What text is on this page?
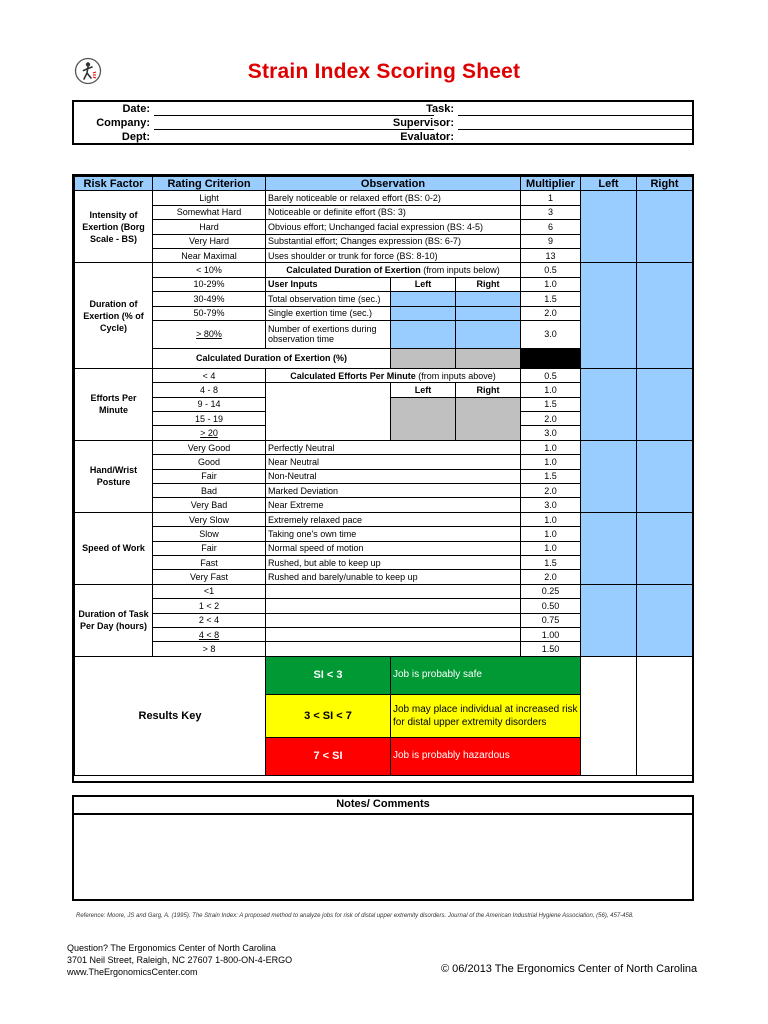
Strain Index Scoring Sheet
Date:
Company:
Dept:
Task:
Supervisor:
Evaluator:
Risk Factor	Rating Criterion	Observation			Multiplier	Left	Right
Intensity of Exertion (Borg Scale - BS)	Light	Barely noticeable or relaxed effort (BS: 0-2)			1		
	Somewhat Hard	Noticeable or definite effort (BS: 3)			3		
	Hard	Obvious effort; Unchanged facial expression (BS: 4-5)			6		
	Very Hard	Substantial effort; Changes expression (BS: 6-7)			9		
	Near Maximal	Uses shoulder or trunk for force (BS: 8-10)			13		
Duration of Exertion (% of Cycle)	< 10%	Calculated Duration of Exertion (from inputs below)			0.5		
	10-29%	User Inputs	Left	Right	1.0		
	30-49%	Total observation time (sec.)			1.5		
	50-79%	Single exertion time (sec.)			2.0		
	> 80%	Number of exertions during observation time			3.0		
	Calculated Duration of Exertion (%)						
Efforts Per Minute	< 4	Calculated Efforts Per Minute (from inputs above)			0.5		
	4 - 8		Left	Right	1.0		
	9 - 14				1.5		
	15 - 19				2.0		
	> 20				3.0		
Hand/Wrist Posture	Very Good	Perfectly Neutral			1.0		
	Good	Near Neutral			1.0		
	Fair	Non-Neutral			1.5		
	Bad	Marked Deviation			2.0		
	Very Bad	Near Extreme			3.0		
Speed of Work	Very Slow	Extremely relaxed pace			1.0		
	Slow	Taking one's own time			1.0		
	Fair	Normal speed of motion			1.0		
	Fast	Rushed, but able to keep up			1.5		
	Very Fast	Rushed and barely/unable to keep up			2.0		
Duration of Task Per Day (hours)	<1				0.25		
	1 < 2				0.50		
	2 < 4				0.75		
	4 < 8				1.00		
	> 8				1.50		
Results Key		SI < 3	Job is probably safe				
		3 < SI < 7	Job may place individual at increased risk for distal upper extremity disorders				
		7 < SI	Job is probably hazardous				
Notes/ Comments
Reference: Moore, JS and Garg, A. (1995). The Strain Index: A proposed method to analyze jobs for risk of distal upper extremity disorders. Journal of the American Industrial Hygiene Association, (56), 457-458.
Question? The Ergonomics Center of North Carolina
3701 Neil Street, Raleigh, NC 27607 1-800-ON-4-ERGO
www.TheErgonomicsCenter.com	© 06/2013 The Ergonomics Center of North Carolina
